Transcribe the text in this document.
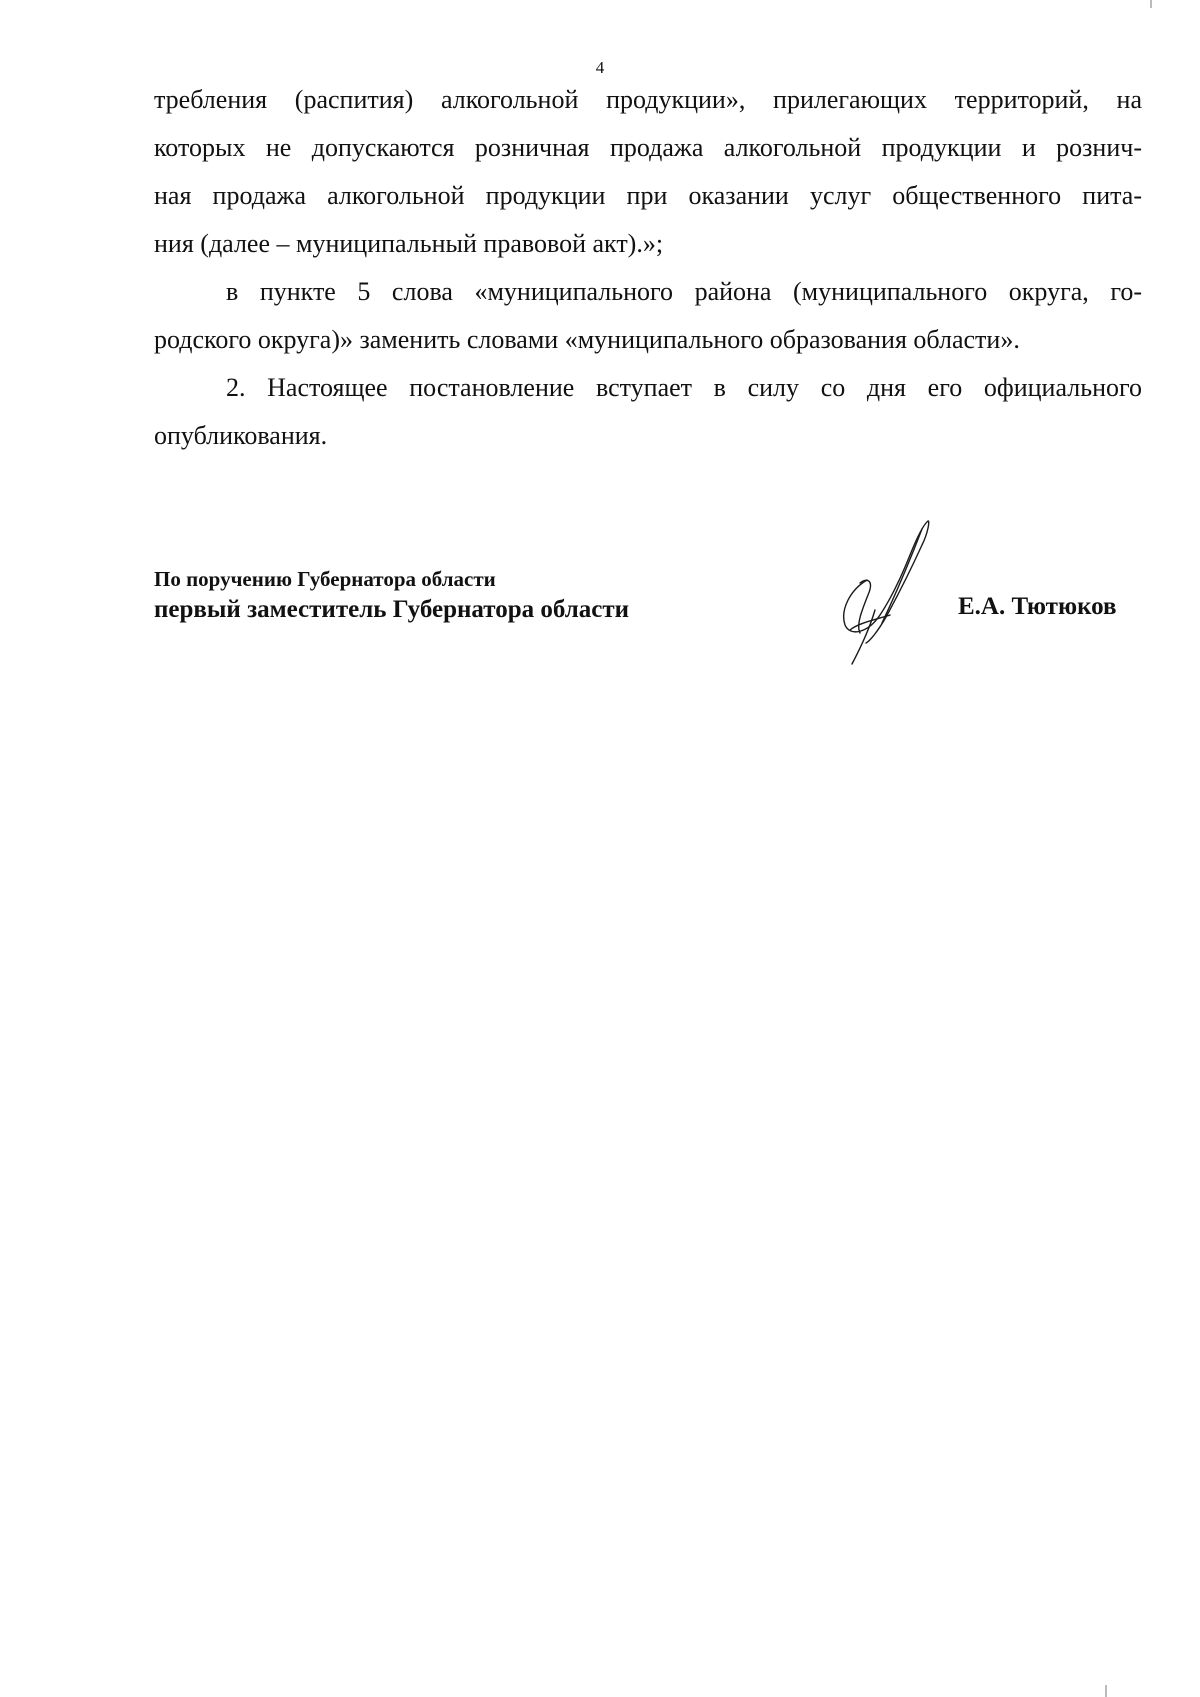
4
требления (распития) алкогольной продукции», прилегающих территорий, на
которых не допускаются розничная продажа алкогольной продукции и рознич-
ная продажа алкогольной продукции при оказании услуг общественного пита-
ния (далее – муниципальный правовой акт).»;
в пункте 5 слова «муниципального района (муниципального округа, го-
родского округа)» заменить словами «муниципального образования области».
2. Настоящее постановление вступает в силу со дня его официального
опубликования.
По поручению Губернатора области
первый заместитель Губернатора области	Е.А. Тютюков
